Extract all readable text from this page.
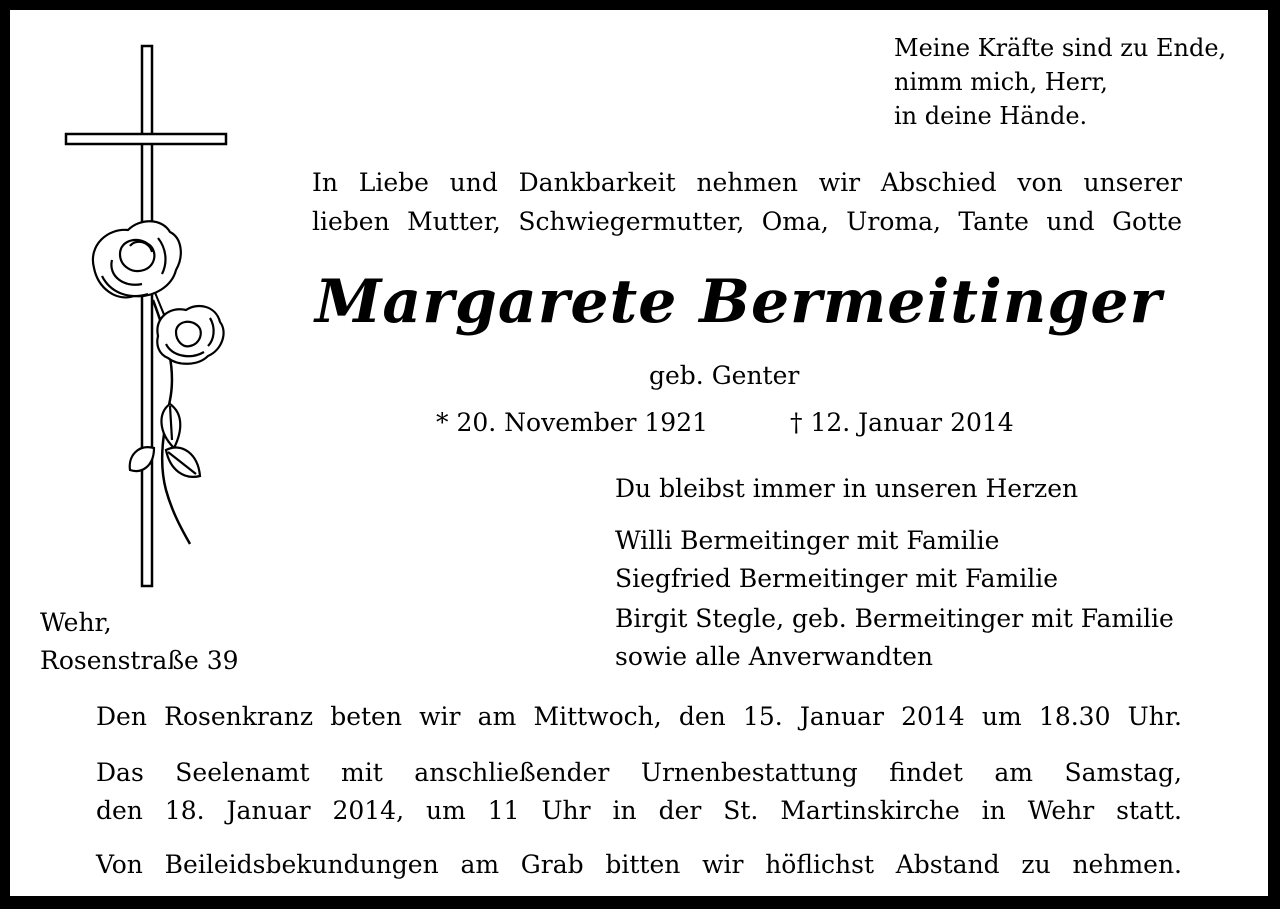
Meine Kräfte sind zu Ende,
nimm mich, Herr,
in deine Hände.
In Liebe und Dankbarkeit nehmen wir Abschied von unserer
lieben Mutter, Schwiegermutter, Oma, Uroma, Tante und Gotte
Margarete Bermeitinger
geb. Genter
* 20. November 1921	† 12. Januar 2014
Du bleibst immer in unseren Herzen
Willi Bermeitinger mit Familie
Siegfried Bermeitinger mit Familie
Birgit Stegle, geb. Bermeitinger mit Familie
sowie alle Anverwandten
Wehr,
Rosenstraße 39
Den Rosenkranz beten wir am Mittwoch, den 15. Januar 2014 um 18.30 Uhr.
Das Seelenamt mit anschließender Urnenbestattung findet am Samstag,
den 18. Januar 2014, um 11 Uhr in der St. Martinskirche in Wehr statt.
Von Beileidsbekundungen am Grab bitten wir höflichst Abstand zu nehmen.
